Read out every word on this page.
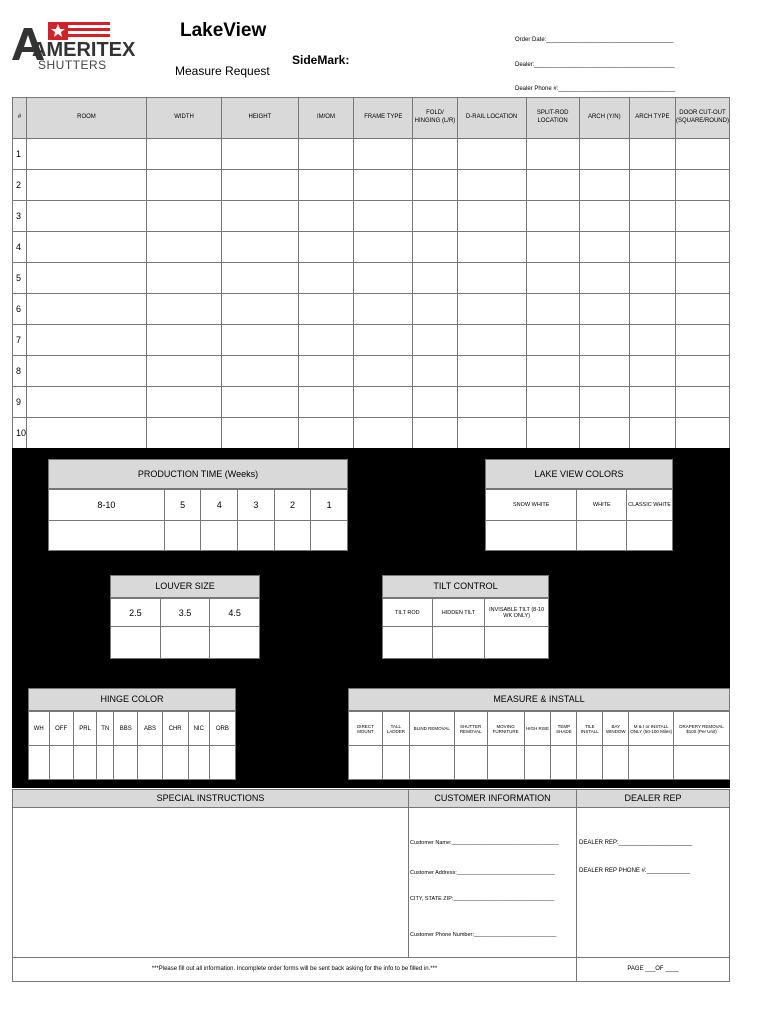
AMERITEX
SHUTTERS
LakeView
Measure Request
SideMark:
Order Date:______________________________________
Dealer:__________________________________________
Dealer Phone #:___________________________________
#	ROOM	WIDTH	HEIGHT	IM/OM	FRAME TYPE	FOLD/ HINGING (L/R)	D-RAIL LOCATION	SPLIT-ROD LOCATION	ARCH (Y/N)	ARCH TYPE	DOOR CUT-OUT (SQUARE/ROUND)
1											
2											
3											
4											
5											
6											
7											
8											
9											
10											
PRODUCTION TIME (Weeks)
8-10	5	4	3	2	1

LAKE VIEW COLORS
SNOW WHITE	WHITE	CLASSIC WHITE

LOUVER SIZE
2.5	3.5	4.5

TILT CONTROL
TILT ROD	HIDDEN TILT	INVISABLE TILT (8-10 WK ONLY)

HINGE COLOR
WH	OFF	PRL	TN	BBS	ABS	CHR	NIC	ORB

MEASURE & INSTALL
DIRECT MOUNT	TALL LADDER	BLIND REMOVAL	SHUTTER REMOVAL	MOVING FURNITURE	HIGH RISE	TEMP SHADE	TILE INSTALL	BAY WINDOW	M & I or INSTALL ONLY (50-100 Miles)	DRAPERY REMOVAL $100 (Per Unit)

SPECIAL INSTRUCTIONS	CUSTOMER INFORMATION	DEALER REP
Customer Name:___________________________________
Customer Address:________________________________
CITY, STATE ZIP:_________________________________
Customer Phone Number:___________________________
DEALER REP:______________________
DEALER REP PHONE #:_____________
***Please fill out all information. Incomplete order forms will be sent back asking for the info to be filled in.***	PAGE ___OF ____
